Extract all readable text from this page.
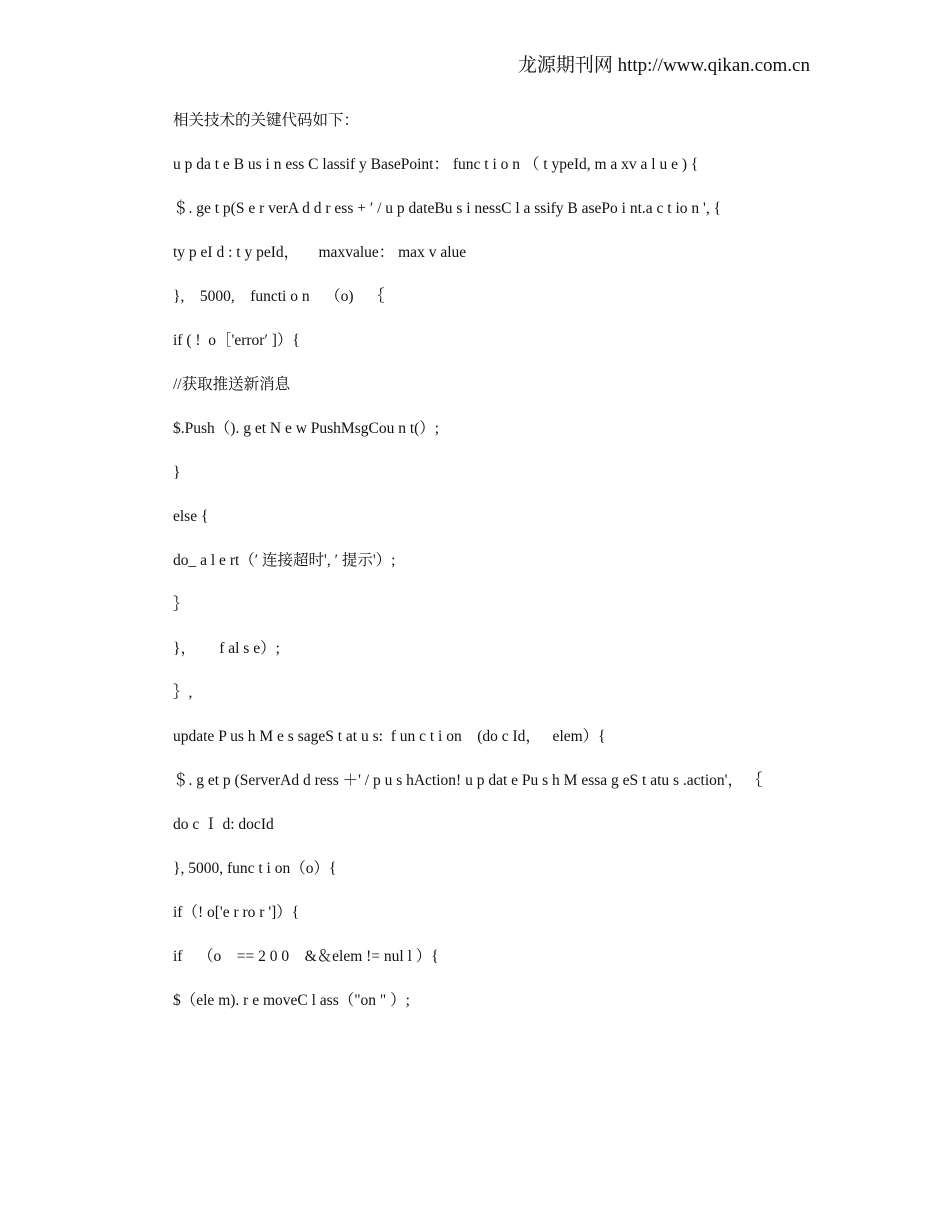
龙源期刊网 http://www.qikan.com.cn

相关技术的关键代码如下：

u p da t e B us i n ess C lassif y BasePoint： func t i o n （ t ypeId, m a xv a l u e ) {

＄. ge t p(S e r verA d d r ess + ′ / u p dateBu s i nessC l a ssify B asePo i nt.a c t io n ', {

ty p eI d : t y peId，     maxvalue： max v alue

},    5000,    functi o n    （o)    ｛

if ( !  o［'error′ ]）{

//获取推送新消息

$.Push（). g et N e w PushMsgCou n t(）;

}

else {

do_ a l e rt（′ 连接超时', ′ 提示'）;

｝

}，      f al s e）;

｝,

update P us h M e s sageS t at u s:  f un c t i on    (do c Id，   elem）{

＄. g et p (ServerAd d ress ＋' / p u s hAction! u p dat e Pu s h M essa g eS t atu s .action'， ｛

do c Ｉ d: docId

}, 5000, func t i on（o）{

if（! o['e r ro r ']）{

if    （o    == 2 0 0    &＆elem != nul l ）{

$（ele m). r e moveC l ass（"on " ）;
